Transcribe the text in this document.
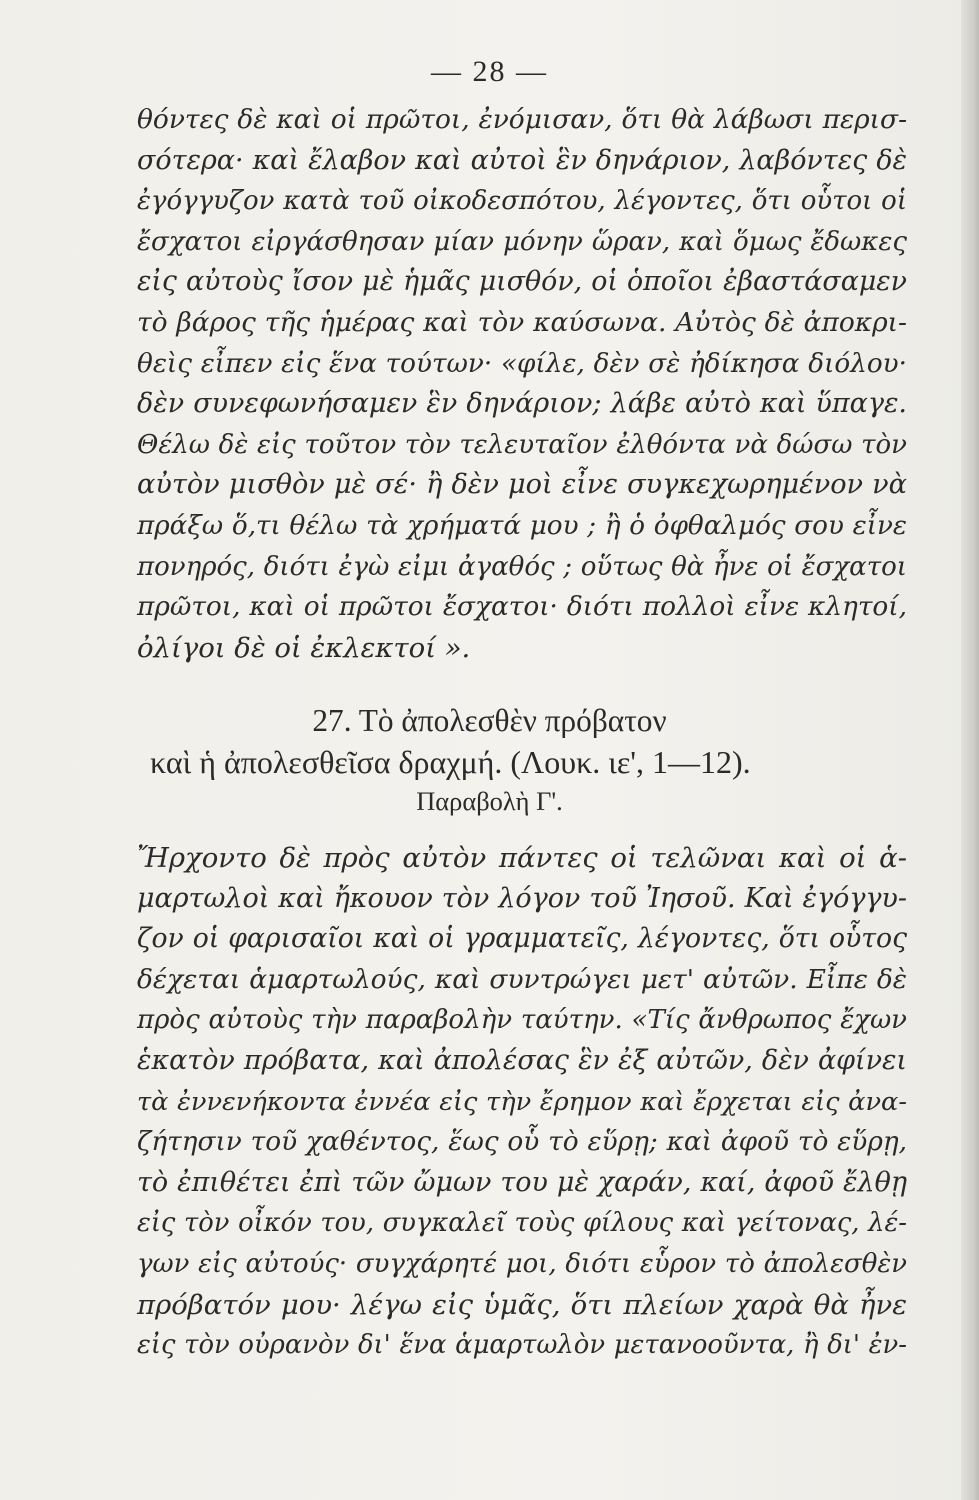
— 28 —
θόντες δὲ καὶ οἱ πρῶτοι, ἐνόμισαν, ὅτι θὰ λάβωσι περισ-
σότερα· καὶ ἔλαβον καὶ αὐτοὶ ἓν δηνάριον, λαβόντες δὲ
ἐγόγγυζον κατὰ τοῦ οἰκοδεσπότου, λέγοντες, ὅτι οὗτοι οἱ
ἔσχατοι εἰργάσθησαν μίαν μόνην ὥραν, καὶ ὅμως ἔδωκες
εἰς αὐτοὺς ἴσον μὲ ἡμᾶς μισθόν, οἱ ὁποῖοι ἐβαστάσαμεν
τὸ βάρος τῆς ἡμέρας καὶ τὸν καύσωνα. Αὐτὸς δὲ ἀποκρι-
θεὶς εἶπεν εἰς ἕνα τούτων· «φίλε, δὲν σὲ ἠδίκησα διόλου·
δὲν συνεφωνήσαμεν ἓν δηνάριον; λάβε αὐτὸ καὶ ὕπαγε.
Θέλω δὲ εἰς τοῦτον τὸν τελευταῖον ἐλθόντα νὰ δώσω τὸν
αὐτὸν μισθὸν μὲ σέ· ἢ δὲν μοὶ εἶνε συγκεχωρημένον νὰ
πράξω ὅ,τι θέλω τὰ χρήματά μου ; ἢ ὁ ὀφθαλμός σου εἶνε
πονηρός, διότι ἐγὼ εἰμι ἀγαθός ; οὕτως θὰ ἦνε οἱ ἔσχατοι
πρῶτοι, καὶ οἱ πρῶτοι ἔσχατοι· διότι πολλοὶ εἶνε κλητοί,
ὀλίγοι δὲ οἱ ἐκλεκτοί ».
27. Τὸ ἀπολεσθὲν πρόβατον
καὶ ἡ ἀπολεσθεῖσα δραχμή. (Λουκ. ιε', 1—12).
Παραβολὴ Γ'.
Ἤρχοντο δὲ πρὸς αὐτὸν πάντες οἱ τελῶναι καὶ οἱ ἁ-
μαρτωλοὶ καὶ ἤκουον τὸν λόγον τοῦ Ἰησοῦ. Καὶ ἐγόγγυ-
ζον οἱ φαρισαῖοι καὶ οἱ γραμματεῖς, λέγοντες, ὅτι οὗτος
δέχεται ἁμαρτωλούς, καὶ συντρώγει μετ' αὐτῶν. Εἶπε δὲ
πρὸς αὐτοὺς τὴν παραβολὴν ταύτην. «Τίς ἄνθρωπος ἔχων
ἑκατὸν πρόβατα, καὶ ἀπολέσας ἓν ἐξ αὐτῶν, δὲν ἀφίνει
τὰ ἐννενήκοντα ἐννέα εἰς τὴν ἔρημον καὶ ἔρχεται εἰς ἀνα-
ζήτησιν τοῦ χαθέντος, ἕως οὗ τὸ εὕρῃ; καὶ ἀφοῦ τὸ εὕρῃ,
τὸ ἐπιθέτει ἐπὶ τῶν ὤμων του μὲ χαράν, καί, ἀφοῦ ἔλθῃ
εἰς τὸν οἶκόν του, συγκαλεῖ τοὺς φίλους καὶ γείτονας, λέ-
γων εἰς αὐτούς· συγχάρητέ μοι, διότι εὗρον τὸ ἀπολεσθὲν
πρόβατόν μου· λέγω εἰς ὑμᾶς, ὅτι πλείων χαρὰ θὰ ἦνε
εἰς τὸν οὐρανὸν δι' ἕνα ἁμαρτωλὸν μετανοοῦντα, ἢ δι' ἐν-
